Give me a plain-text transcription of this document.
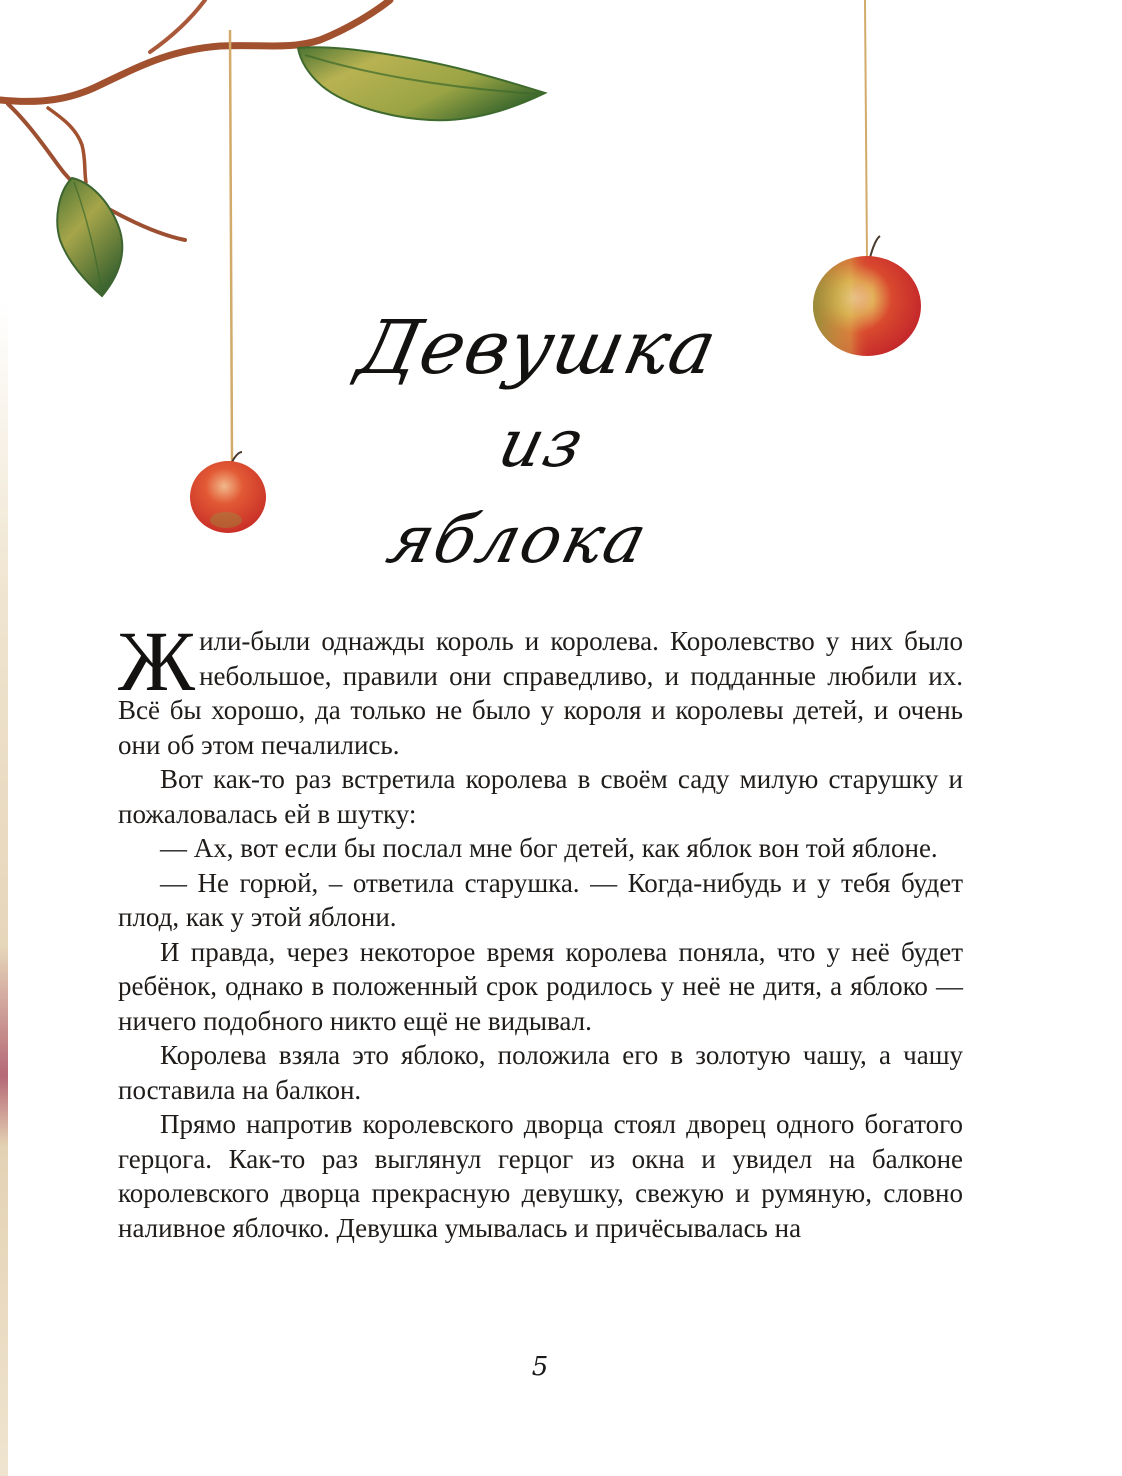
Девушка
из яблока

Жили-были однажды король и королева. Королевство у них было небольшое, правили они справедливо, и подданные любили их. Всё бы хорошо, да только не было у короля и королевы детей, и очень они об этом печалились.

Вот как-то раз встретила королева в своём саду милую старушку и пожаловалась ей в шутку:

— Ах, вот если бы послал мне бог детей, как яблок вон той яблоне.

— Не горюй, – ответила старушка. — Когда-нибудь и у тебя будет плод, как у этой яблони.

И правда, через некоторое время королева поняла, что у неё будет ребёнок, однако в положенный срок родилось у неё не дитя, а яблоко — ничего подобного никто ещё не видывал.

Королева взяла это яблоко, положила его в золотую чашу, а чашу поставила на балкон.

Прямо напротив королевского дворца стоял дворец одного богатого герцога. Как-то раз выглянул герцог из окна и увидел на балконе королевского дворца прекрасную девушку, свежую и румяную, словно наливное яблочко. Девушка умывалась и причёсывалась на

5
